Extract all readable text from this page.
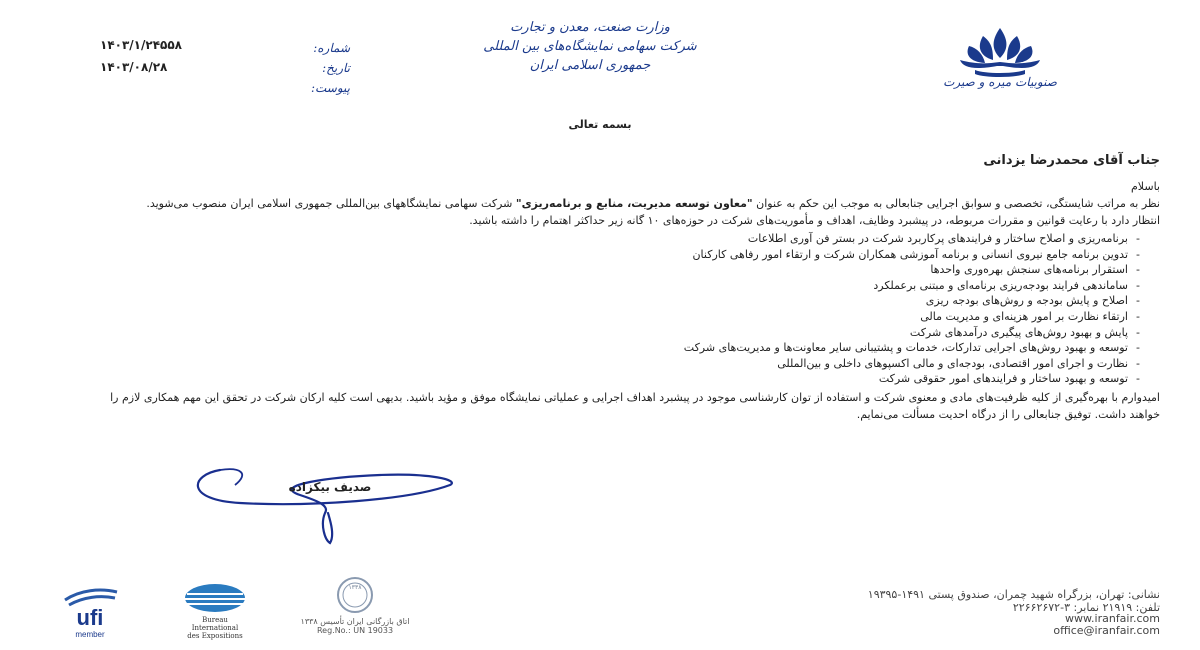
صنوبیات میره و صیرت
وزارت صنعت، معدن و تجارت
شرکت سهامی نمایشگاه‌های بین المللی
جمهوری اسلامی ایران
شماره:
تاریخ:
پیوست:
۱۴۰۳/۱/۲۴۵۵۸
۱۴۰۳/۰۸/۲۸
بسمه تعالی
جناب آقای محمدرضا یزدانی

باسلام

نظر به مراتب شایستگی، تخصصی و سوابق اجرایی جنابعالی به موجب این حکم به عنوان "معاون توسعه مدیریت، منابع و برنامه‌ریزی" شرکت سهامی نمایشگاههای بین‌المللی جمهوری اسلامی ایران منصوب می‌شوید.

انتظار دارد با رعایت قوانین و مقررات مربوطه، در پیشبرد وظایف، اهداف و مأموریت‌های شرکت در حوزه‌های ۱۰ گانه زیر حداکثر اهتمام را داشته باشید.

- برنامه‌ریزی و اصلاح ساختار و فرایندهای پرکاربرد شرکت در بستر فن آوری اطلاعات
- تدوین برنامه جامع نیروی انسانی و برنامه آموزشی همکاران شرکت و ارتقاء امور رفاهی کارکنان
- استقرار برنامه‌های سنجش بهره‌وری واحدها
- ساماندهی فرایند بودجه‌ریزی برنامه‌ای و مبتنی برعملکرد
- اصلاح و پایش بودجه و روش‌های بودجه ریزی
- ارتقاء نظارت بر امور هزینه‌ای و مدیریت مالی
- پایش و بهبود روش‌های پیگیری درآمدهای شرکت
- توسعه و بهبود روش‌های اجرایی تدارکات، خدمات و پشتیبانی سایر معاونت‌ها و مدیریت‌های شرکت
- نظارت و اجرای امور اقتصادی، بودجه‌ای و مالی اکسپوهای داخلی و بین‌المللی
- توسعه و بهبود ساختار و فرایندهای امور حقوقی شرکت

امیدوارم با بهره‌گیری از کلیه ظرفیت‌های مادی و معنوی شرکت و استفاده از توان کارشناسی موجود در پیشبرد اهداف اجرایی و عملیاتی نمایشگاه موفق و مؤید باشید. بدیهی است کلیه ارکان شرکت در تحقق این مهم همکاری لازم را خواهند داشت. توفیق جنابعالی را از درگاه احدیت مسألت می‌نمایم.

صدیف بیکزاده
نشانی: تهران، بزرگراه شهید چمران، صندوق پستی ۱۴۹۱-۱۹۳۹۵
تلفن: ۲۱۹۱۹ نمابر: ۳-۲۲۶۶۲۶۷۲
www.iranfair.com
office@iranfair.com
ufi
member
Bureau
International
des Expositions
۱۳۳۸
اتاق بازرگانی ایران تأسیس ۱۳۳۸
Reg.No.: UN 19033
